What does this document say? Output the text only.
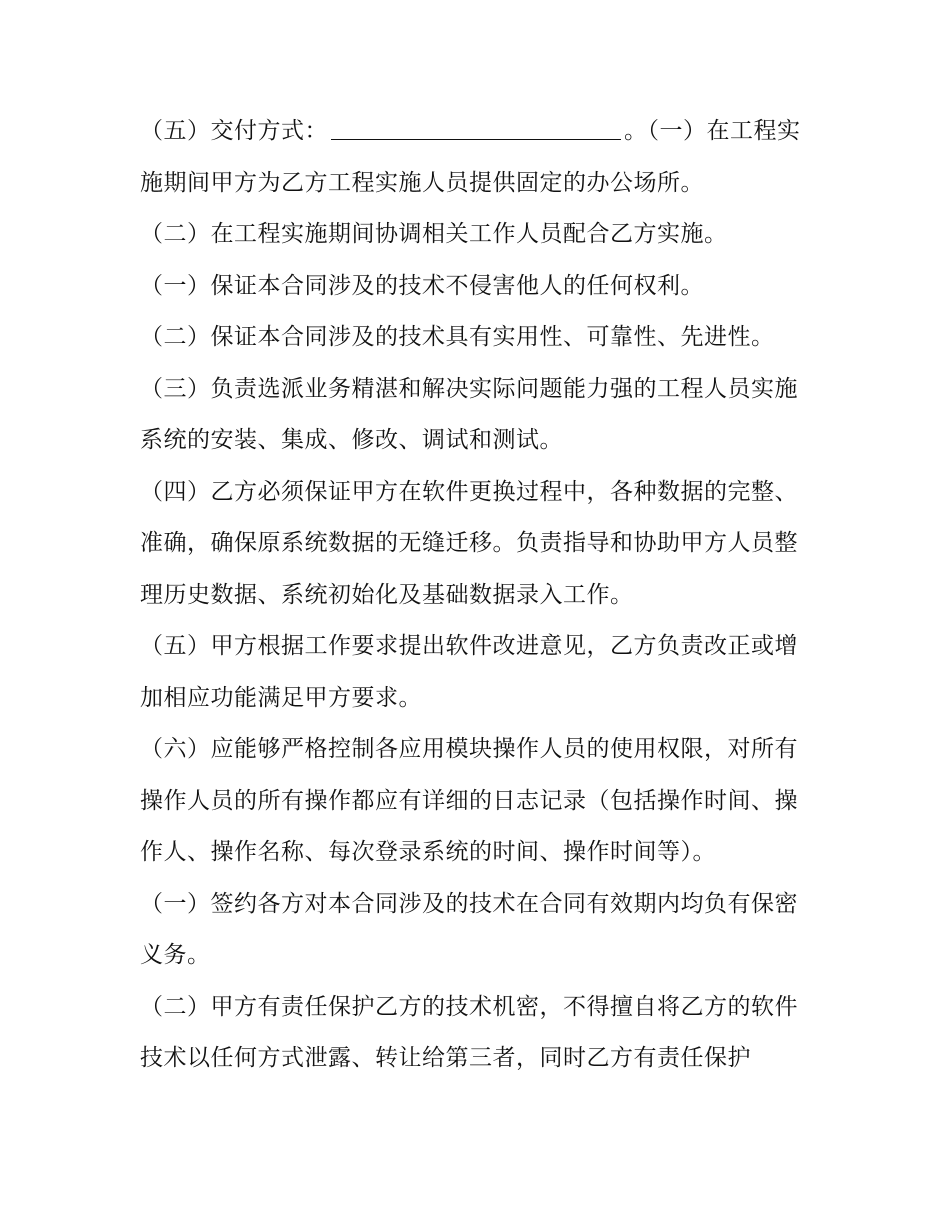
（五）交付方式：	。（一）在工程实施期间甲方为乙方工程实施人员提供固定的办公场所。

（二）在工程实施期间协调相关工作人员配合乙方实施。

（一）保证本合同涉及的技术不侵害他人的任何权利。

（二）保证本合同涉及的技术具有实用性、可靠性、先进性。

（三）负责选派业务精湛和解决实际问题能力强的工程人员实施系统的安装、集成、修改、调试和测试。

（四）乙方必须保证甲方在软件更换过程中，各种数据的完整、准确，确保原系统数据的无缝迁移。负责指导和协助甲方人员整理历史数据、系统初始化及基础数据录入工作。

（五）甲方根据工作要求提出软件改进意见，乙方负责改正或增加相应功能满足甲方要求。

（六）应能够严格控制各应用模块操作人员的使用权限，对所有操作人员的所有操作都应有详细的日志记录（包括操作时间、操作人、操作名称、每次登录系统的时间、操作时间等）。

（一）签约各方对本合同涉及的技术在合同有效期内均负有保密义务。

（二）甲方有责任保护乙方的技术机密，不得擅自将乙方的软件技术以任何方式泄露、转让给第三者，同时乙方有责任保护
